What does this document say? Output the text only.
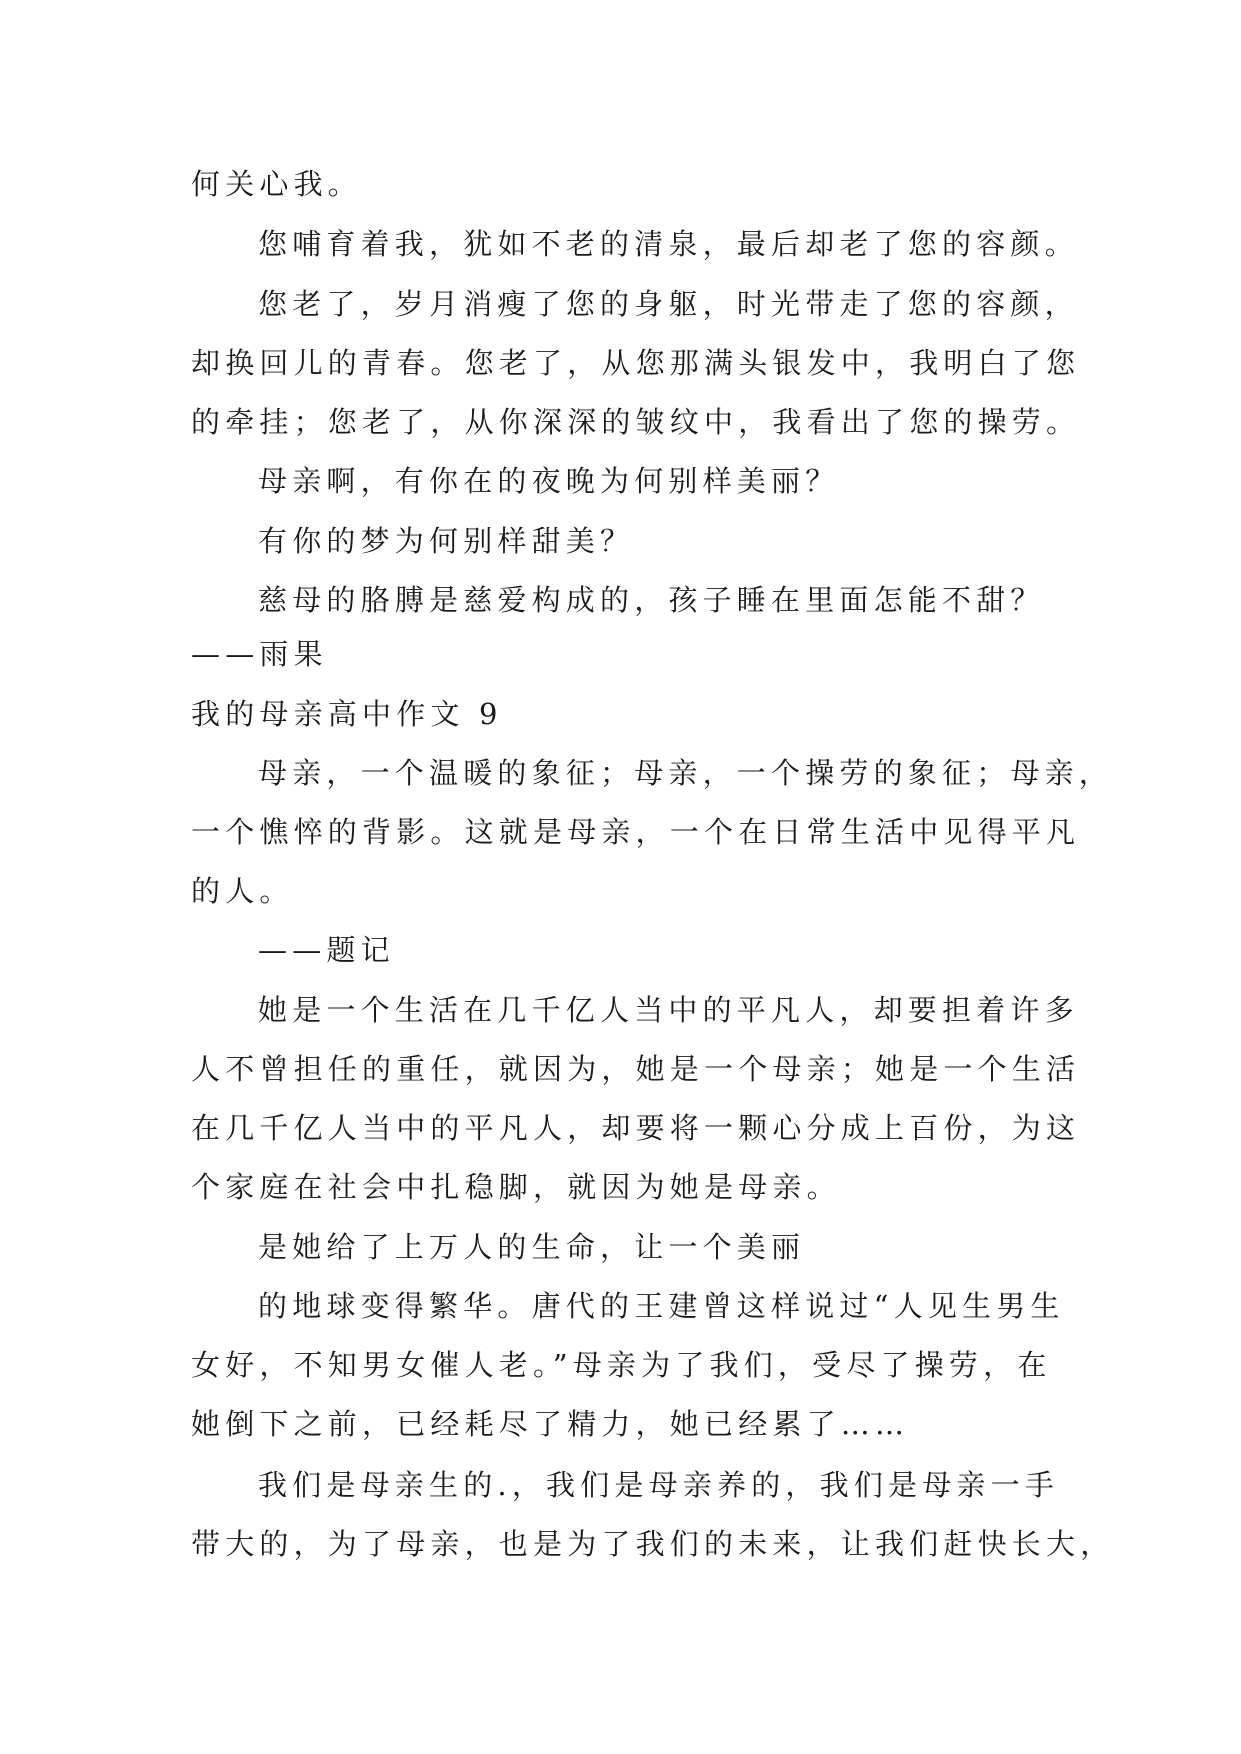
何关心我。
您哺育着我，犹如不老的清泉，最后却老了您的容颜。
您老了，岁月消瘦了您的身躯，时光带走了您的容颜，
却换回儿的青春。您老了，从您那满头银发中，我明白了您
的牵挂；您老了，从你深深的皱纹中，我看出了您的操劳。
母亲啊，有你在的夜晚为何别样美丽？
有你的梦为何别样甜美？
慈母的胳膊是慈爱构成的，孩子睡在里面怎能不甜？
——雨果
我的母亲高中作文 9
母亲，一个温暖的象征；母亲，一个操劳的象征；母亲，
一个憔悴的背影。这就是母亲，一个在日常生活中见得平凡
的人。
——题记
她是一个生活在几千亿人当中的平凡人，却要担着许多
人不曾担任的重任，就因为，她是一个母亲；她是一个生活
在几千亿人当中的平凡人，却要将一颗心分成上百份，为这
个家庭在社会中扎稳脚，就因为她是母亲。
是她给了上万人的生命，让一个美丽
的地球变得繁华。唐代的王建曾这样说过“人见生男生
女好，不知男女催人老。”母亲为了我们，受尽了操劳，在
她倒下之前，已经耗尽了精力，她已经累了……
我们是母亲生的.，我们是母亲养的，我们是母亲一手
带大的，为了母亲，也是为了我们的未来，让我们赶快长大，
